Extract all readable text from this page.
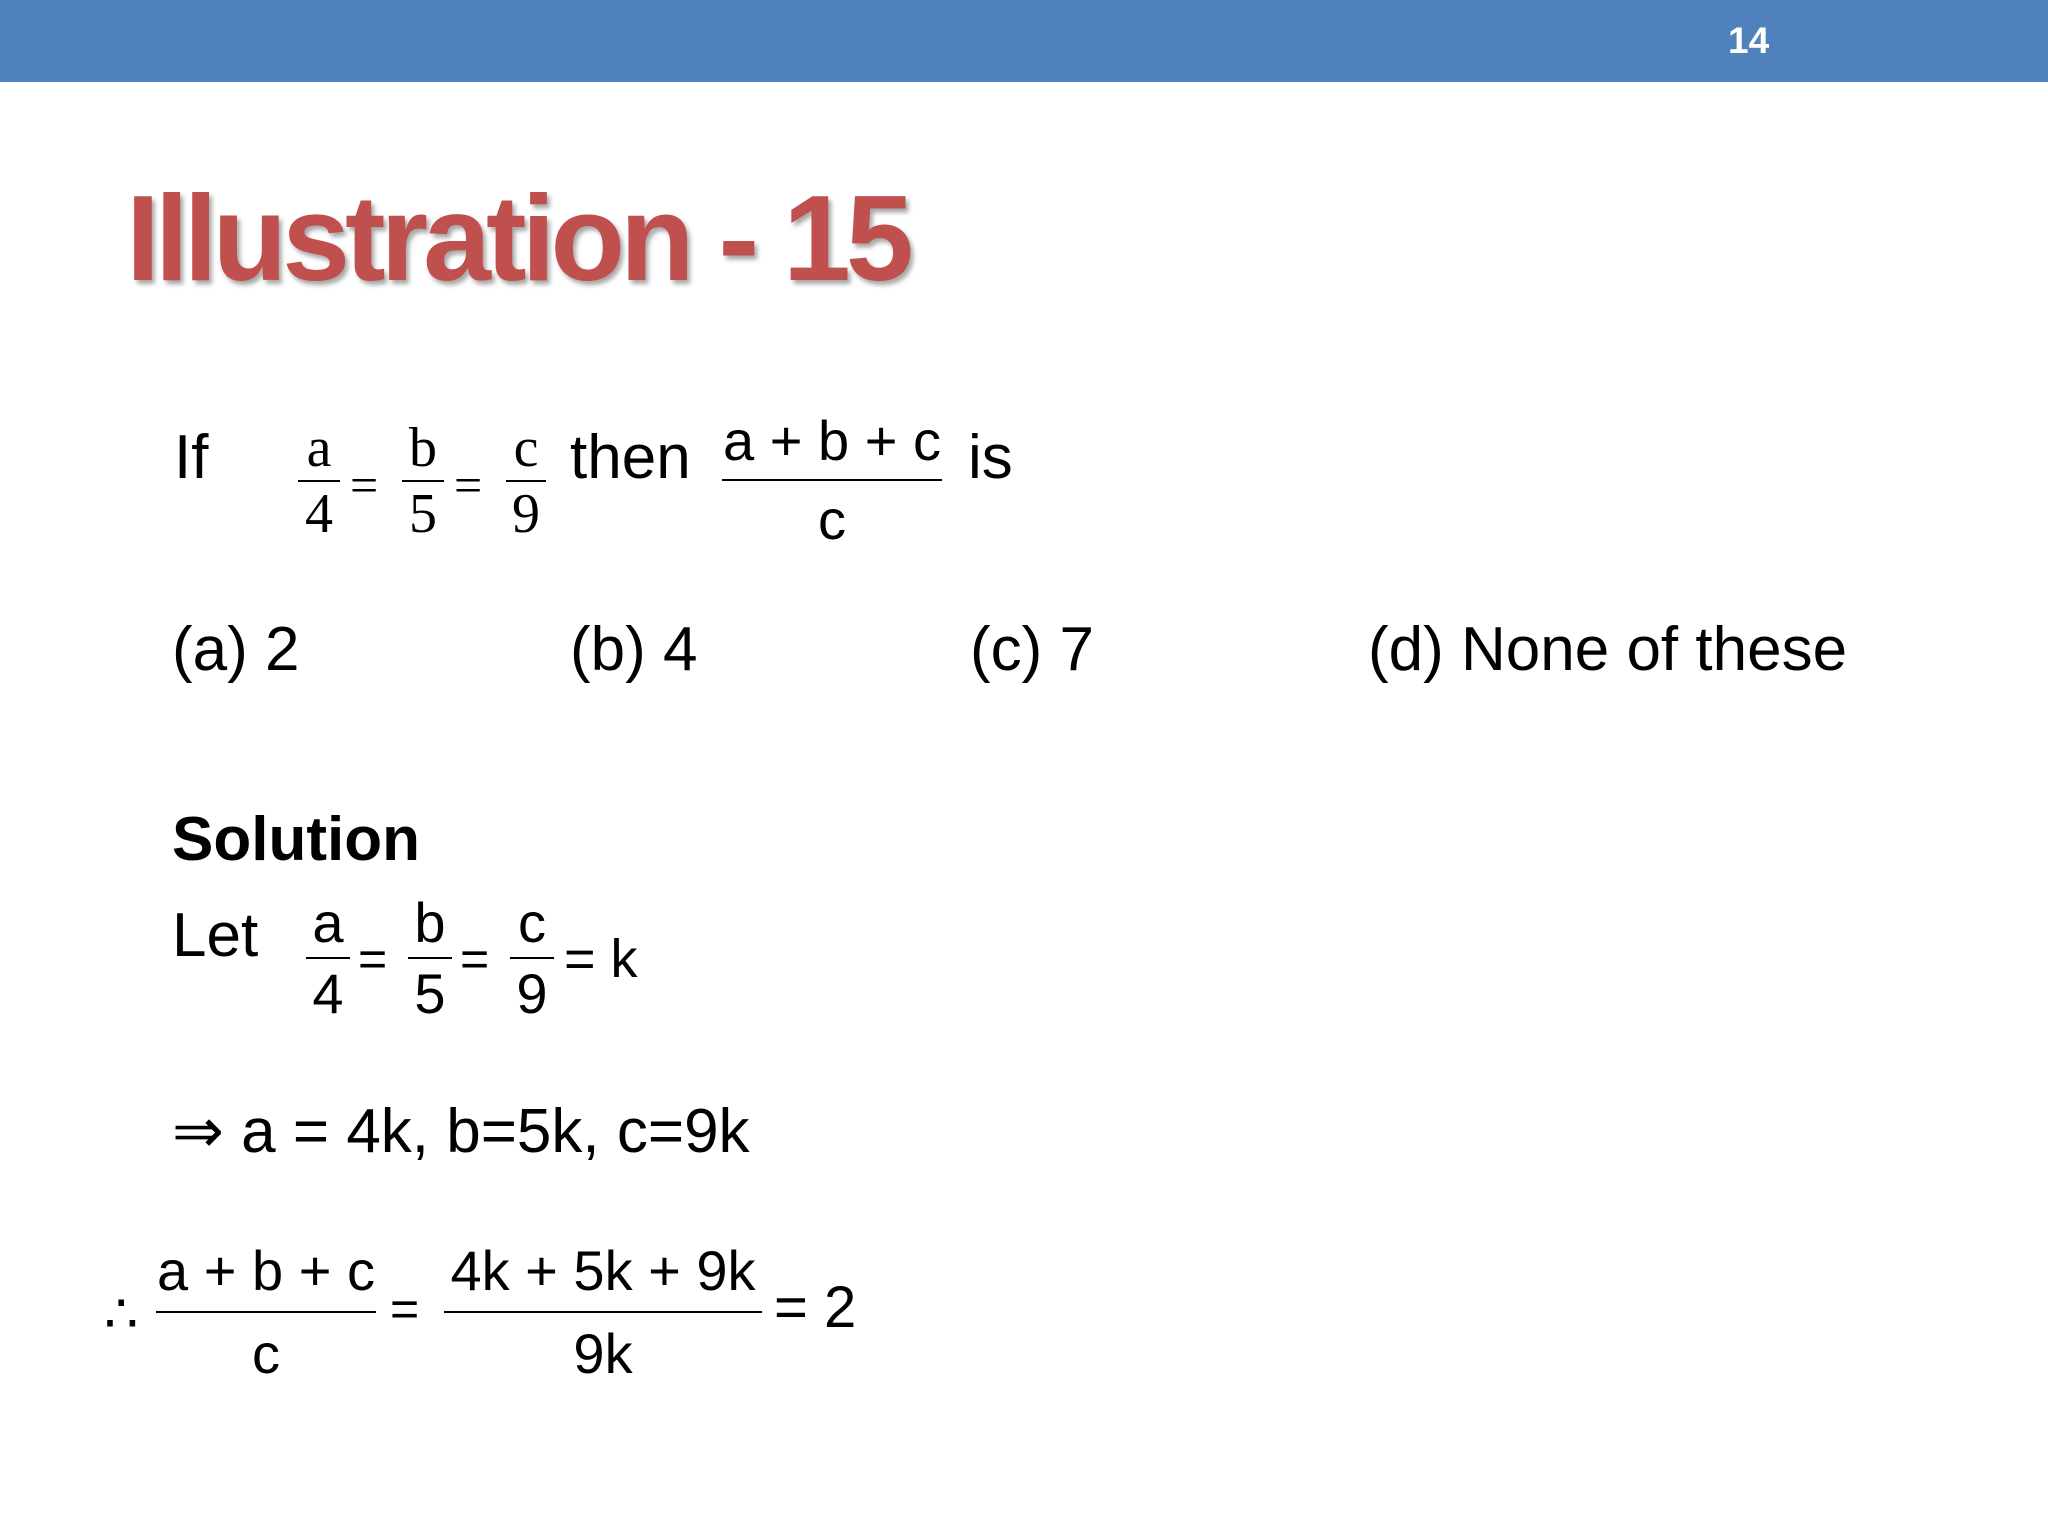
14
Illustration - 15
If a
4 =
b
5 =
c
9
then a + b + c
c
is
(a) 2	(b) 4	(c) 7	(d) None of these
Solution
Let a
4
=
b
5
=
c
9
= k
⇒ a = 4k, b=5k, c=9k
∴
a + b + c
c
=
4k + 5k + 9k
9k
= 2
